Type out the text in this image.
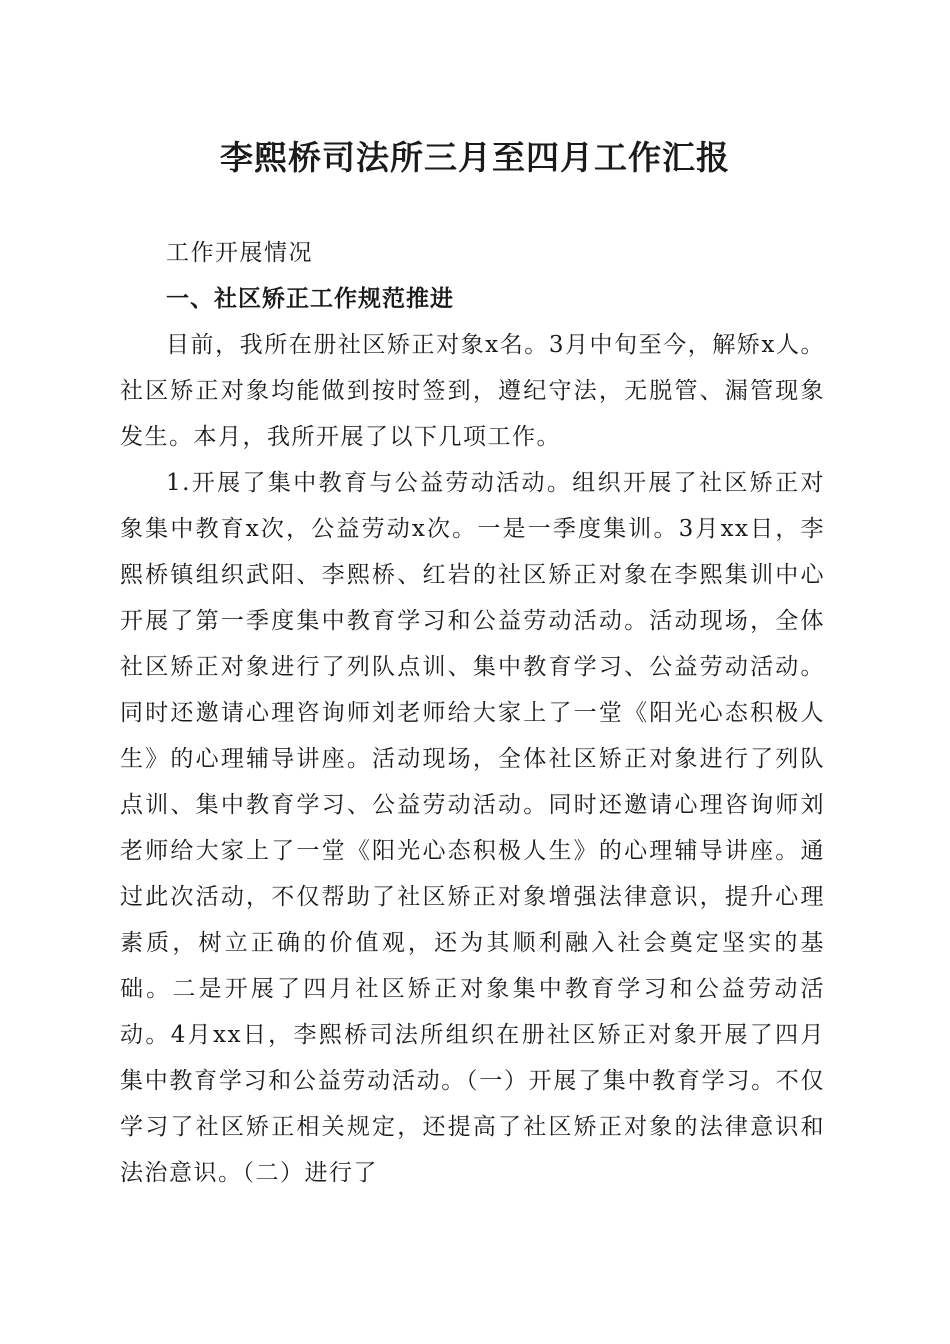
李熙桥司法所三月至四月工作汇报

工作开展情况

一、社区矫正工作规范推进

目前，我所在册社区矫正对象x名。3月中旬至今，解矫x人。社区矫正对象均能做到按时签到，遵纪守法，无脱管、漏管现象发生。本月，我所开展了以下几项工作。

1.开展了集中教育与公益劳动活动。组织开展了社区矫正对象集中教育x次，公益劳动x次。一是一季度集训。3月xx日，李熙桥镇组织武阳、李熙桥、红岩的社区矫正对象在李熙集训中心开展了第一季度集中教育学习和公益劳动活动。活动现场，全体社区矫正对象进行了列队点训、集中教育学习、公益劳动活动。同时还邀请心理咨询师刘老师给大家上了一堂《阳光心态积极人生》的心理辅导讲座。活动现场，全体社区矫正对象进行了列队点训、集中教育学习、公益劳动活动。同时还邀请心理咨询师刘老师给大家上了一堂《阳光心态积极人生》的心理辅导讲座。通过此次活动，不仅帮助了社区矫正对象增强法律意识，提升心理素质，树立正确的价值观，还为其顺利融入社会奠定坚实的基础。二是开展了四月社区矫正对象集中教育学习和公益劳动活动。4月xx日，李熙桥司法所组织在册社区矫正对象开展了四月集中教育学习和公益劳动活动。（一）开展了集中教育学习。不仅学习了社区矫正相关规定，还提高了社区矫正对象的法律意识和法治意识。（二）进行了
